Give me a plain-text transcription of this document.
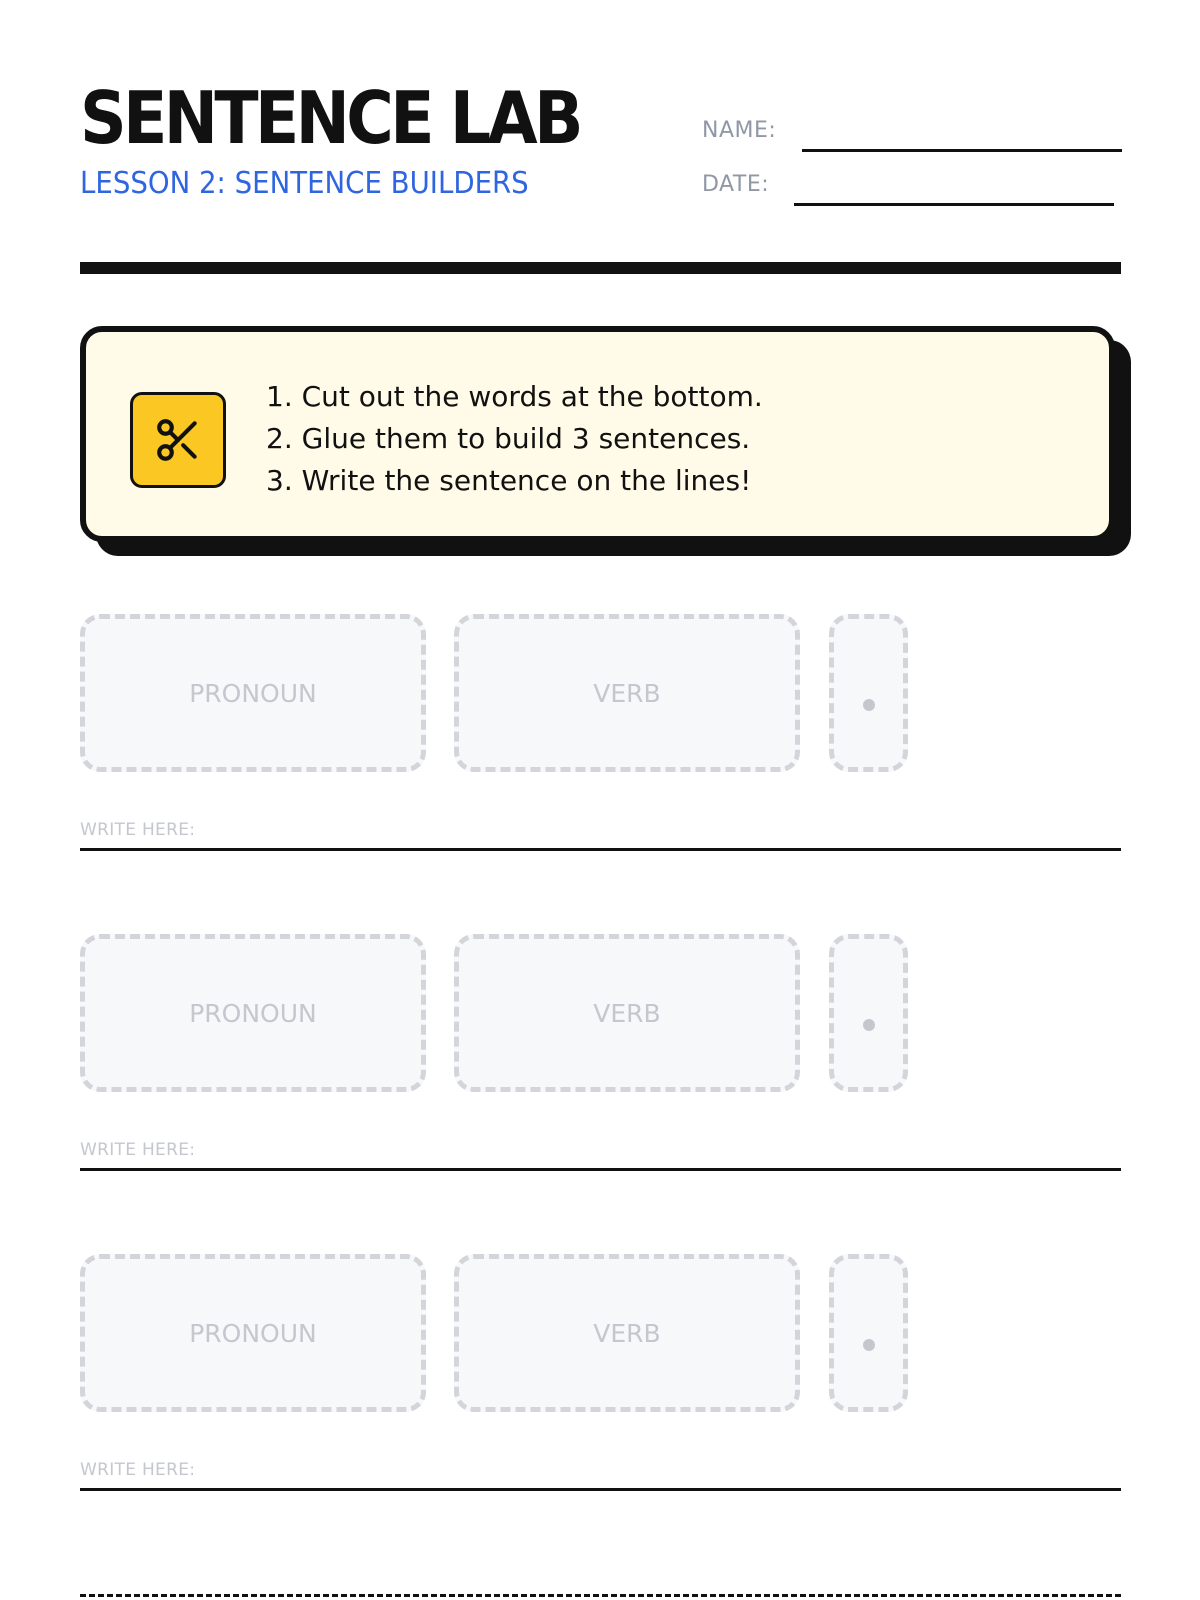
SENTENCE LAB
LESSON 2: SENTENCE BUILDERS
NAME:
DATE:
1. Cut out the words at the bottom.
2. Glue them to build 3 sentences.
3. Write the sentence on the lines!
PRONOUN	VERB
WRITE HERE:
PRONOUN	VERB
WRITE HERE:
PRONOUN	VERB
WRITE HERE:
